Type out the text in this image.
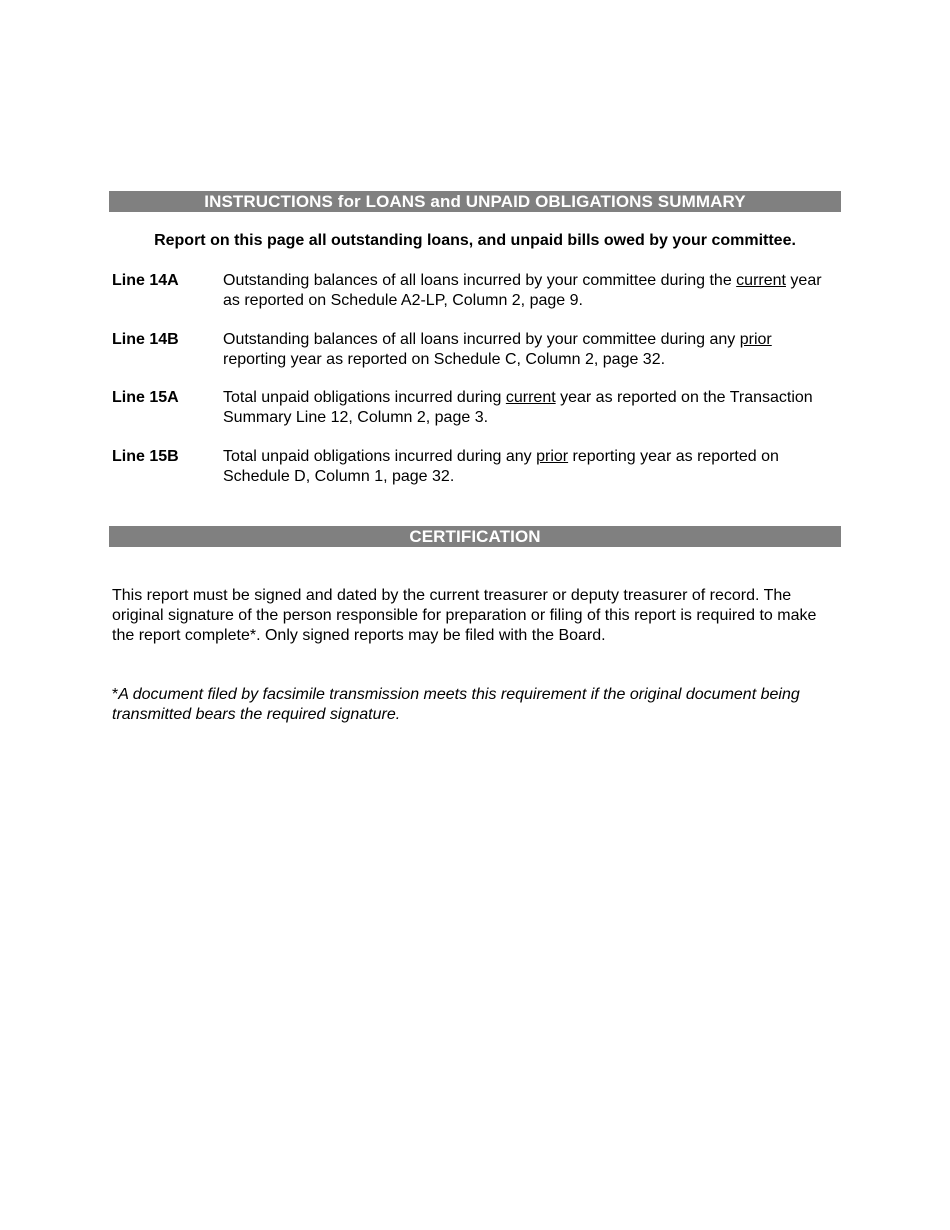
INSTRUCTIONS for LOANS and UNPAID OBLIGATIONS SUMMARY
Report on this page all outstanding loans, and unpaid bills owed by your committee.
Line 14A	Outstanding balances of all loans incurred by your committee during the current year as reported on Schedule A2-LP, Column 2, page 9.
Line 14B	Outstanding balances of all loans incurred by your committee during any prior reporting year as reported on Schedule C, Column 2, page 32.
Line 15A	Total unpaid obligations incurred during current year as reported on the Transaction Summary Line 12, Column 2, page 3.
Line 15B	Total unpaid obligations incurred during any prior reporting year as reported on Schedule D, Column 1, page 32.
CERTIFICATION
This report must be signed and dated by the current treasurer or deputy treasurer of record. The original signature of the person responsible for preparation or filing of this report is required to make the report complete*. Only signed reports may be filed with the Board.
*A document filed by facsimile transmission meets this requirement if the original document being transmitted bears the required signature.
